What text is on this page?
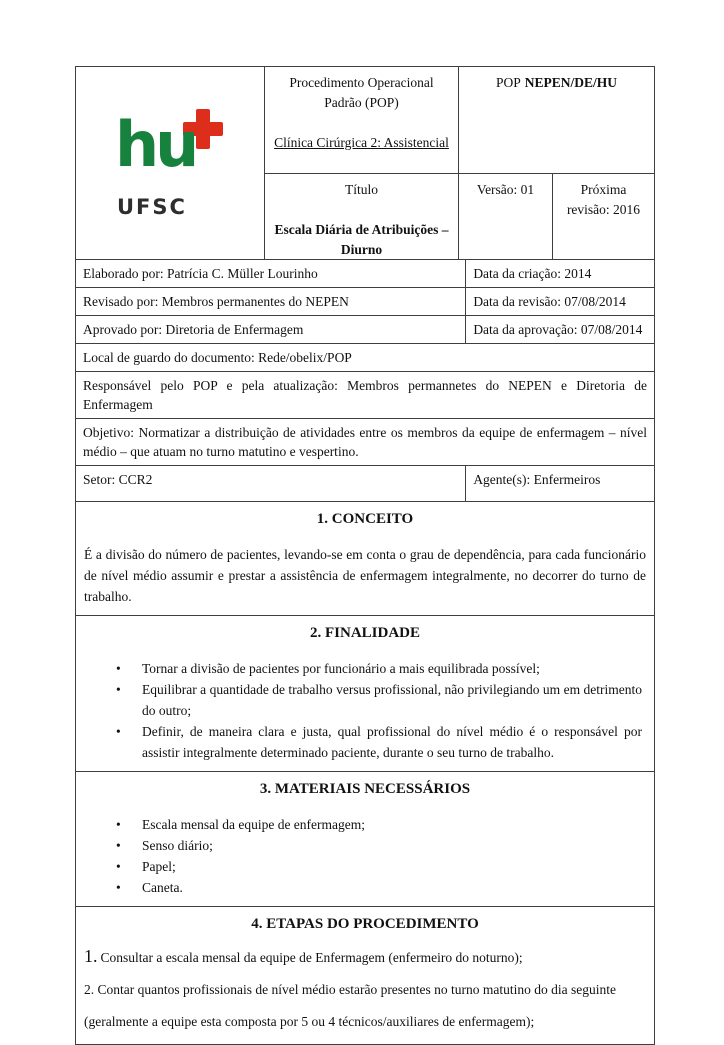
hu
UFSC
Procedimento Operacional Padrão (POP)
Clínica Cirúrgica 2: Assistencial
POP NEPEN/DE/HU
Título
Escala Diária de Atribuições – Diurno
Versão: 01	Próxima revisão: 2016
Elaborado por: Patrícia C. Müller Lourinho	Data da criação: 2014
Revisado por: Membros permanentes do NEPEN	Data da revisão: 07/08/2014
Aprovado por: Diretoria de Enfermagem	Data da aprovação: 07/08/2014
Local de guardo do documento: Rede/obelix/POP
Responsável pelo POP e pela atualização: Membros permannetes do NEPEN e Diretoria de Enfermagem
Objetivo: Normatizar a distribuição de atividades entre os membros da equipe de enfermagem – nível médio – que atuam no turno matutino e vespertino.
Setor: CCR2	Agente(s): Enfermeiros
1. CONCEITO
É a divisão do número de pacientes, levando-se em conta o grau de dependência, para cada funcionário de nível médio assumir e prestar a assistência de enfermagem integralmente, no decorrer do turno de trabalho.
2. FINALIDADE
• Tornar a divisão de pacientes por funcionário a mais equilibrada possível;
• Equilibrar a quantidade de trabalho versus profissional, não privilegiando um em detrimento do outro;
• Definir, de maneira clara e justa, qual profissional do nível médio é o responsável por assistir integralmente determinado paciente, durante o seu turno de trabalho.
3. MATERIAIS NECESSÁRIOS
• Escala mensal da equipe de enfermagem;
• Senso diário;
• Papel;
• Caneta.
4. ETAPAS DO PROCEDIMENTO

1. Consultar a escala mensal da equipe de Enfermagem (enfermeiro do noturno);

2. Contar quantos profissionais de nível médio estarão presentes no turno matutino do dia seguinte

(geralmente a equipe esta composta por 5 ou 4 técnicos/auxiliares de enfermagem);
